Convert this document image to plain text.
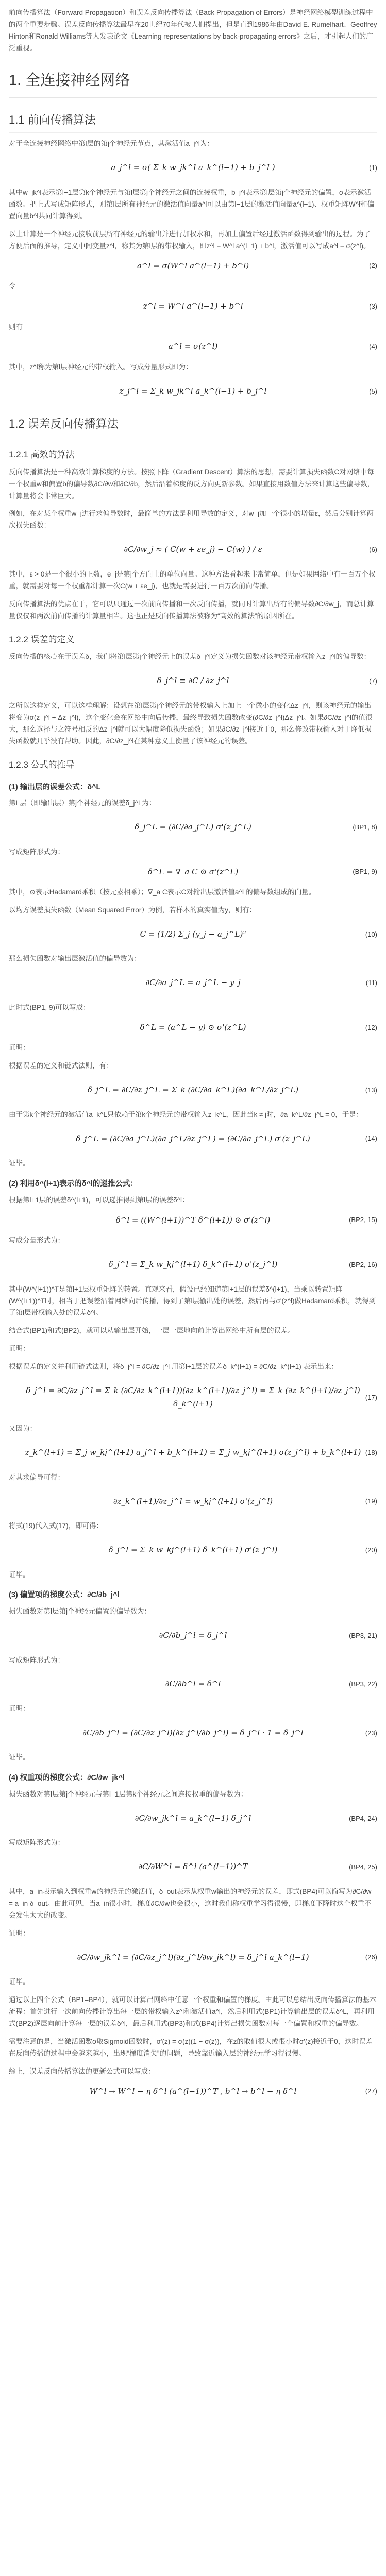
前向传播算法（Forward Propagation）和误差反向传播算法（Back Propagation of Errors）是神经网络模型训练过程中的两个重要步骤。误差反向传播算法最早在20世纪70年代被人们提出，但是直到1986年由David E. Rumelhart、Geoffrey Hinton和Ronald Williams等人发表论文《Learning representations by back-propagating errors》之后，才引起人们的广泛重视。

1. 全连接神经网络
1.1 前向传播算法

对于全连接神经网络中第l层的第j个神经元节点，其激活值a_j^l为：

a_j^l = σ( Σ_k w_jk^l a_k^(l−1) + b_j^l )	(1)

其中w_jk^l表示第l−1层第k个神经元与第l层第j个神经元之间的连接权重，b_j^l表示第l层第j个神经元的偏置，σ表示激活函数。把上式写成矩阵形式，则第l层所有神经元的激活值向量a^l可以由第l−1层的激活值向量a^(l−1)、权重矩阵W^l和偏置向量b^l共同计算得到。

以上计算是一个神经元接收前层所有神经元的输出并进行加权求和，再加上偏置后经过激活函数得到输出的过程。为了方便后面的推导，定义中间变量z^l，称其为第l层的带权输入，即z^l = W^l a^(l−1) + b^l，激活值可以写成a^l = σ(z^l)。

a^l = σ(W^l a^(l−1) + b^l)	(2)

令

z^l = W^l a^(l−1) + b^l	(3)

则有

a^l = σ(z^l)	(4)

其中，z^l称为第l层神经元的带权输入。写成分量形式即为：

z_j^l = Σ_k w_jk^l a_k^(l−1) + b_j^l	(5)
1.2 误差反向传播算法
1.2.1 高效的算法

反向传播算法是一种高效计算梯度的方法。按照下降（Gradient Descent）算法的思想，需要计算损失函数C对网络中每一个权重w和偏置b的偏导数∂C/∂w和∂C/∂b，然后沿着梯度的反方向更新参数。如果直接用数值方法来计算这些偏导数，计算量将会非常巨大。

例如，在对某个权重w_j进行求偏导数时，最简单的方法是利用导数的定义，对w_j加一个很小的增量ε，然后分别计算两次损失函数：

∂C/∂w_j ≈ ( C(w + εe_j) − C(w) ) / ε	(6)

其中，ε > 0是一个很小的正数，e_j是第j个方向上的单位向量。这种方法看起来非常简单，但是如果网络中有一百万个权重，就需要对每一个权重都计算一次C(w + εe_j)，也就是需要进行一百万次前向传播。

反向传播算法的优点在于，它可以只通过一次前向传播和一次反向传播，就同时计算出所有的偏导数∂C/∂w_j，而总计算量仅仅和两次前向传播的计算量相当。这也正是反向传播算法被称为“高效的算法”的原因所在。

1.2.2 误差的定义

反向传播的核心在于误差δ，我们将第l层第j个神经元上的误差δ_j^l定义为损失函数对该神经元带权输入z_j^l的偏导数：

δ_j^l ≡ ∂C / ∂z_j^l	(7)

之所以这样定义，可以这样理解：设想在第l层第j个神经元的带权输入上加上一个微小的变化Δz_j^l，则该神经元的输出将变为σ(z_j^l + Δz_j^l)，这个变化会在网络中向后传播，最终导致损失函数改变(∂C/∂z_j^l)Δz_j^l。如果∂C/∂z_j^l的值很大，那么选择与之符号相反的Δz_j^l就可以大幅度降低损失函数；如果∂C/∂z_j^l接近于0，那么修改带权输入对于降低损失函数就几乎没有帮助。因此，∂C/∂z_j^l在某种意义上衡量了该神经元的误差。

1.2.3 公式的推导
(1) 输出层的误差公式：δ^L

第L层（即输出层）第j个神经元的误差δ_j^L为：

δ_j^L = (∂C/∂a_j^L) σ'(z_j^L)	(BP1, 8)

写成矩阵形式为：

δ^L = ∇_a C ⊙ σ'(z^L)	(BP1, 9)

其中，⊙表示Hadamard乘积（按元素相乘）；∇_a C表示C对输出层激活值a^L的偏导数组成的向量。

以均方误差损失函数（Mean Squared Error）为例，若样本的真实值为y，则有：

C = (1/2) Σ_j (y_j − a_j^L)²	(10)

那么损失函数对输出层激活值的偏导数为：

∂C/∂a_j^L = a_j^L − y_j	(11)

此时式(BP1, 9)可以写成：

δ^L = (a^L − y) ⊙ σ'(z^L)	(12)

证明：

根据误差的定义和链式法则，有：

δ_j^L = ∂C/∂z_j^L = Σ_k (∂C/∂a_k^L)(∂a_k^L/∂z_j^L)	(13)

由于第k个神经元的激活值a_k^L只依赖于第k个神经元的带权输入z_k^L，因此当k ≠ j时，∂a_k^L/∂z_j^L = 0，于是：

δ_j^L = (∂C/∂a_j^L)(∂a_j^L/∂z_j^L) = (∂C/∂a_j^L) σ'(z_j^L)	(14)

证毕。

(2) 利用δ^(l+1)表示的δ^l的递推公式：

根据第l+1层的误差δ^(l+1)，可以递推得到第l层的误差δ^l：

δ^l = ((W^(l+1))^T δ^(l+1)) ⊙ σ'(z^l)	(BP2, 15)

写成分量形式为：

δ_j^l = Σ_k w_kj^(l+1) δ_k^(l+1) σ'(z_j^l)	(BP2, 16)

其中(W^(l+1))^T是第l+1层权重矩阵的转置。直观来看，假设已经知道第l+1层的误差δ^(l+1)，当乘以转置矩阵(W^(l+1))^T时，相当于把误差沿着网络向后传播，得到了第l层输出处的误差，然后再与σ'(z^l)做Hadamard乘积，就得到了第l层带权输入处的误差δ^l。

结合式(BP1)和式(BP2)，就可以从输出层开始，一层一层地向前计算出网络中所有层的误差。

证明：

根据误差的定义并利用链式法则，将δ_j^l = ∂C/∂z_j^l 用第l+1层的误差δ_k^(l+1) = ∂C/∂z_k^(l+1) 表示出来：

δ_j^l = ∂C/∂z_j^l = Σ_k (∂C/∂z_k^(l+1))(∂z_k^(l+1)/∂z_j^l) = Σ_k (∂z_k^(l+1)/∂z_j^l) δ_k^(l+1)
(17)

又因为：

z_k^(l+1) = Σ_j w_kj^(l+1) a_j^l + b_k^(l+1) = Σ_j w_kj^(l+1) σ(z_j^l) + b_k^(l+1) (18)

对其求偏导可得：

∂z_k^(l+1)/∂z_j^l = w_kj^(l+1) σ'(z_j^l)	(19)

将式(19)代入式(17)，即可得：

δ_j^l = Σ_k w_kj^(l+1) δ_k^(l+1) σ'(z_j^l)	(20)

证毕。

(3) 偏置项的梯度公式：∂C/∂b_j^l

损失函数对第l层第j个神经元偏置的偏导数为：

∂C/∂b_j^l = δ_j^l	(BP3, 21)

写成矩阵形式为：

∂C/∂b^l = δ^l	(BP3, 22)

证明：

∂C/∂b_j^l = (∂C/∂z_j^l)(∂z_j^l/∂b_j^l) = δ_j^l · 1 = δ_j^l	(23)

证毕。

(4) 权重项的梯度公式：∂C/∂w_jk^l

损失函数对第l层第j个神经元与第l−1层第k个神经元之间连接权重的偏导数为：

∂C/∂w_jk^l = a_k^(l−1) δ_j^l	(BP4, 24)

写成矩阵形式为：

∂C/∂W^l = δ^l (a^(l−1))^T	(BP4, 25)

其中，a_in表示输入到权重w的神经元的激活值，δ_out表示从权重w输出的神经元的误差，即式(BP4)可以简写为∂C/∂w = a_in δ_out。由此可见，当a_in很小时，梯度∂C/∂w也会很小，这时我们称权重学习得很慢，即梯度下降时这个权重不会发生太大的改变。

证明：

∂C/∂w_jk^l = (∂C/∂z_j^l)(∂z_j^l/∂w_jk^l) = δ_j^l a_k^(l−1)	(26)

证毕。

通过以上四个公式（BP1–BP4），就可以计算出网络中任意一个权重和偏置的梯度。由此可以总结出反向传播算法的基本流程：首先进行一次前向传播计算出每一层的带权输入z^l和激活值a^l，然后利用式(BP1)计算输出层的误差δ^L，再利用式(BP2)逐层向前计算每一层的误差δ^l，最后利用式(BP3)和式(BP4)计算出损失函数对每一个偏置和权重的偏导数。

需要注意的是，当激活函数σ取Sigmoid函数时，σ'(z) = σ(z)(1 − σ(z))，在z的取值很大或很小时σ'(z)接近于0，这时误差在反向传播的过程中会越来越小，出现“梯度消失”的问题，导致靠近输入层的神经元学习得很慢。

综上，误差反向传播算法的更新公式可以写成：

W^l → W^l − η δ^l (a^(l−1))^T , b^l → b^l − η δ^l	(27)
